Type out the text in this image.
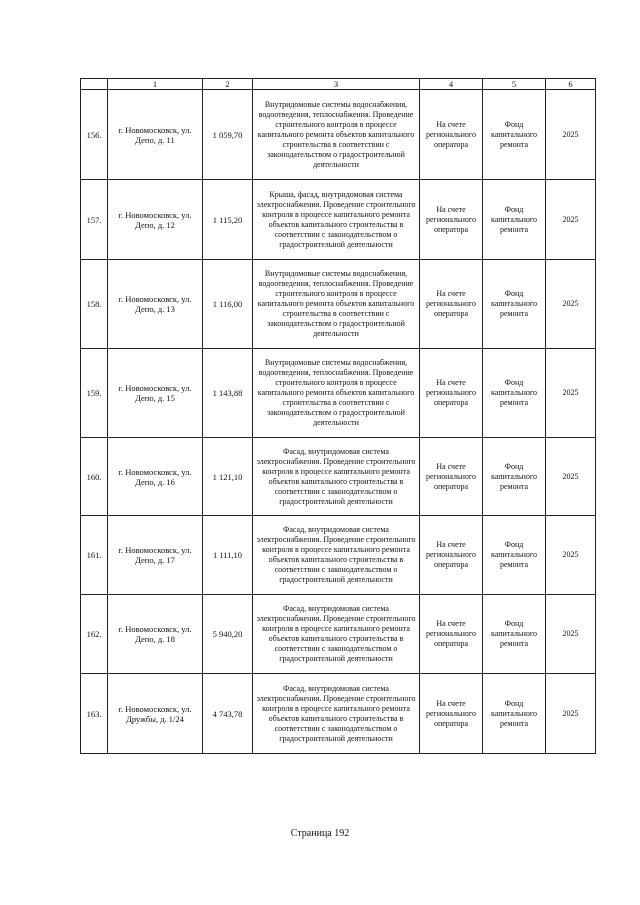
	1	2	3	4	5	6
156.	г. Новомосковск, ул. Депо, д. 11	1 059,70	Внутридомовые системы водоснабжения, водоотведения, теплоснабжения. Проведение строительного контроля в процессе капитального ремонта объектов капитального строительства в соответствии с законодательством о градостроительной деятельности	На счете регионального оператора	Фонд капитального ремонта	2025
157.	г. Новомосковск, ул. Депо, д. 12	1 115,20	Крыша, фасад, внутридомовая система электроснабжения. Проведение строительного контроля в процессе капитального ремонта объектов капитального строительства в соответствии с законодательством о градостроительной деятельности	На счете регионального оператора	Фонд капитального ремонта	2025
158.	г. Новомосковск, ул. Депо, д. 13	1 116,00	Внутридомовые системы водоснабжения, водоотведения, теплоснабжения. Проведение строительного контроля в процессе капитального ремонта объектов капитального строительства в соответствии с законодательством о градостроительной деятельности	На счете регионального оператора	Фонд капитального ремонта	2025
159.	г. Новомосковск, ул. Депо, д. 15	1 143,88	Внутридомовые системы водоснабжения, водоотведения, теплоснабжения. Проведение строительного контроля в процессе капитального ремонта объектов капитального строительства в соответствии с законодательством о градостроительной деятельности	На счете регионального оператора	Фонд капитального ремонта	2025
160.	г. Новомосковск, ул. Депо, д. 16	1 121,10	Фасад, внутридомовая система электроснабжения. Проведение строительного контроля в процессе капитального ремонта объектов капитального строительства в соответствии с законодательством о градостроительной деятельности	На счете регионального оператора	Фонд капитального ремонта	2025
161.	г. Новомосковск, ул. Депо, д. 17	1 111,10	Фасад, внутридомовая система электроснабжения. Проведение строительного контроля в процессе капитального ремонта объектов капитального строительства в соответствии с законодательством о градостроительной деятельности	На счете регионального оператора	Фонд капитального ремонта	2025
162.	г. Новомосковск, ул. Депо, д. 18	5 940,20	Фасад, внутридомовая система электроснабжения. Проведение строительного контроля в процессе капитального ремонта объектов капитального строительства в соответствии с законодательством о градостроительной деятельности	На счете регионального оператора	Фонд капитального ремонта	2025
163.	г. Новомосковск, ул. Дружбы, д. 1/24	4 743,78	Фасад, внутридомовая система электроснабжения. Проведение строительного контроля в процессе капитального ремонта объектов капитального строительства в соответствии с законодательством о градостроительной деятельности	На счете регионального оператора	Фонд капитального ремонта	2025
Страница 192
